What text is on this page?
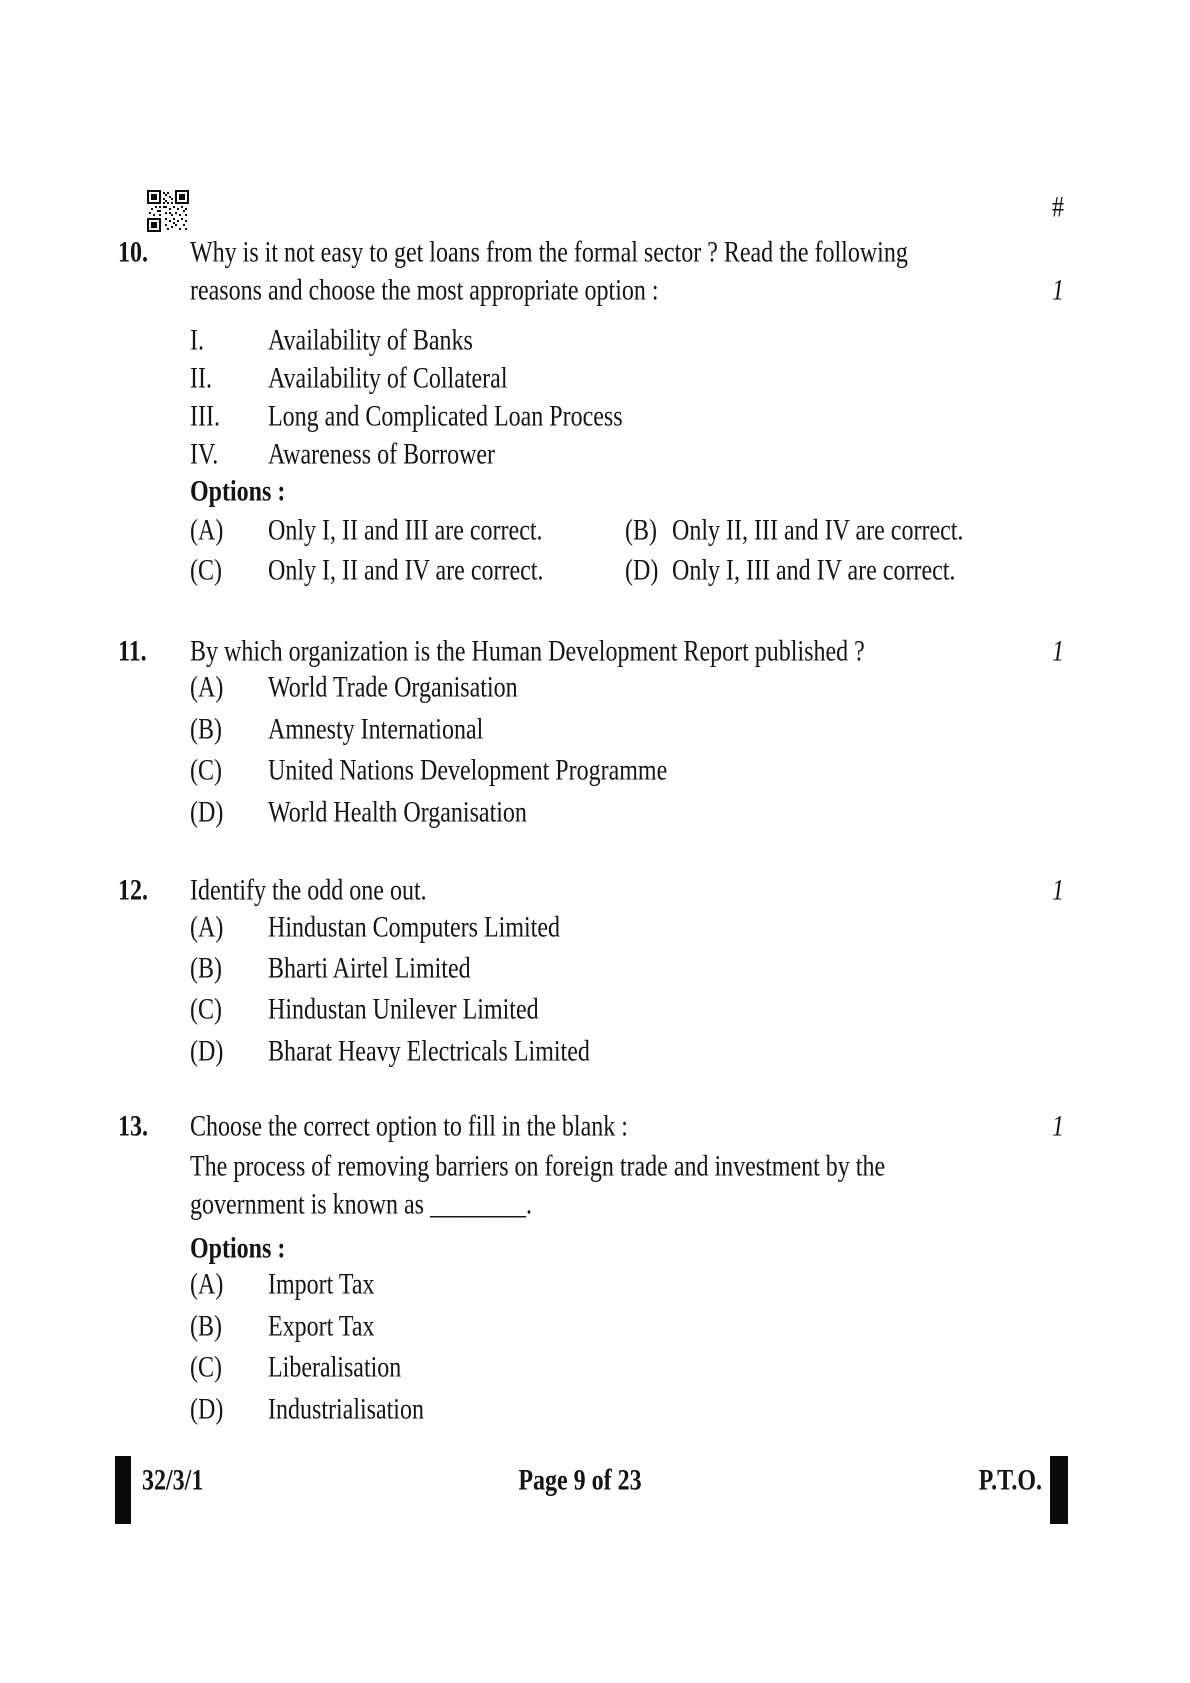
#
10. Why is it not easy to get loans from the formal sector ? Read the following
reasons and choose the most appropriate option :	1
I.	Availability of Banks
II. Availability of Collateral
III. Long and Complicated Loan Process
IV. Awareness of Borrower
Options :
(A) Only I, II and III are correct.	(B) Only II, III and IV are correct.
(C) Only I, II and IV are correct.	(D) Only I, III and IV are correct.
11. By which organization is the Human Development Report published ?	1
(A) World Trade Organisation
(B) Amnesty International
(C) United Nations Development Programme
(D) World Health Organisation
12. Identify the odd one out.	1
(A) Hindustan Computers Limited
(B) Bharti Airtel Limited
(C) Hindustan Unilever Limited
(D) Bharat Heavy Electricals Limited
13. Choose the correct option to fill in the blank :	1
The process of removing barriers on foreign trade and investment by the
government is known as ________.
Options :
(A) Import Tax
(B) Export Tax
(C) Liberalisation
(D) Industrialisation
32/3/1	Page 9 of 23	P.T.O.
